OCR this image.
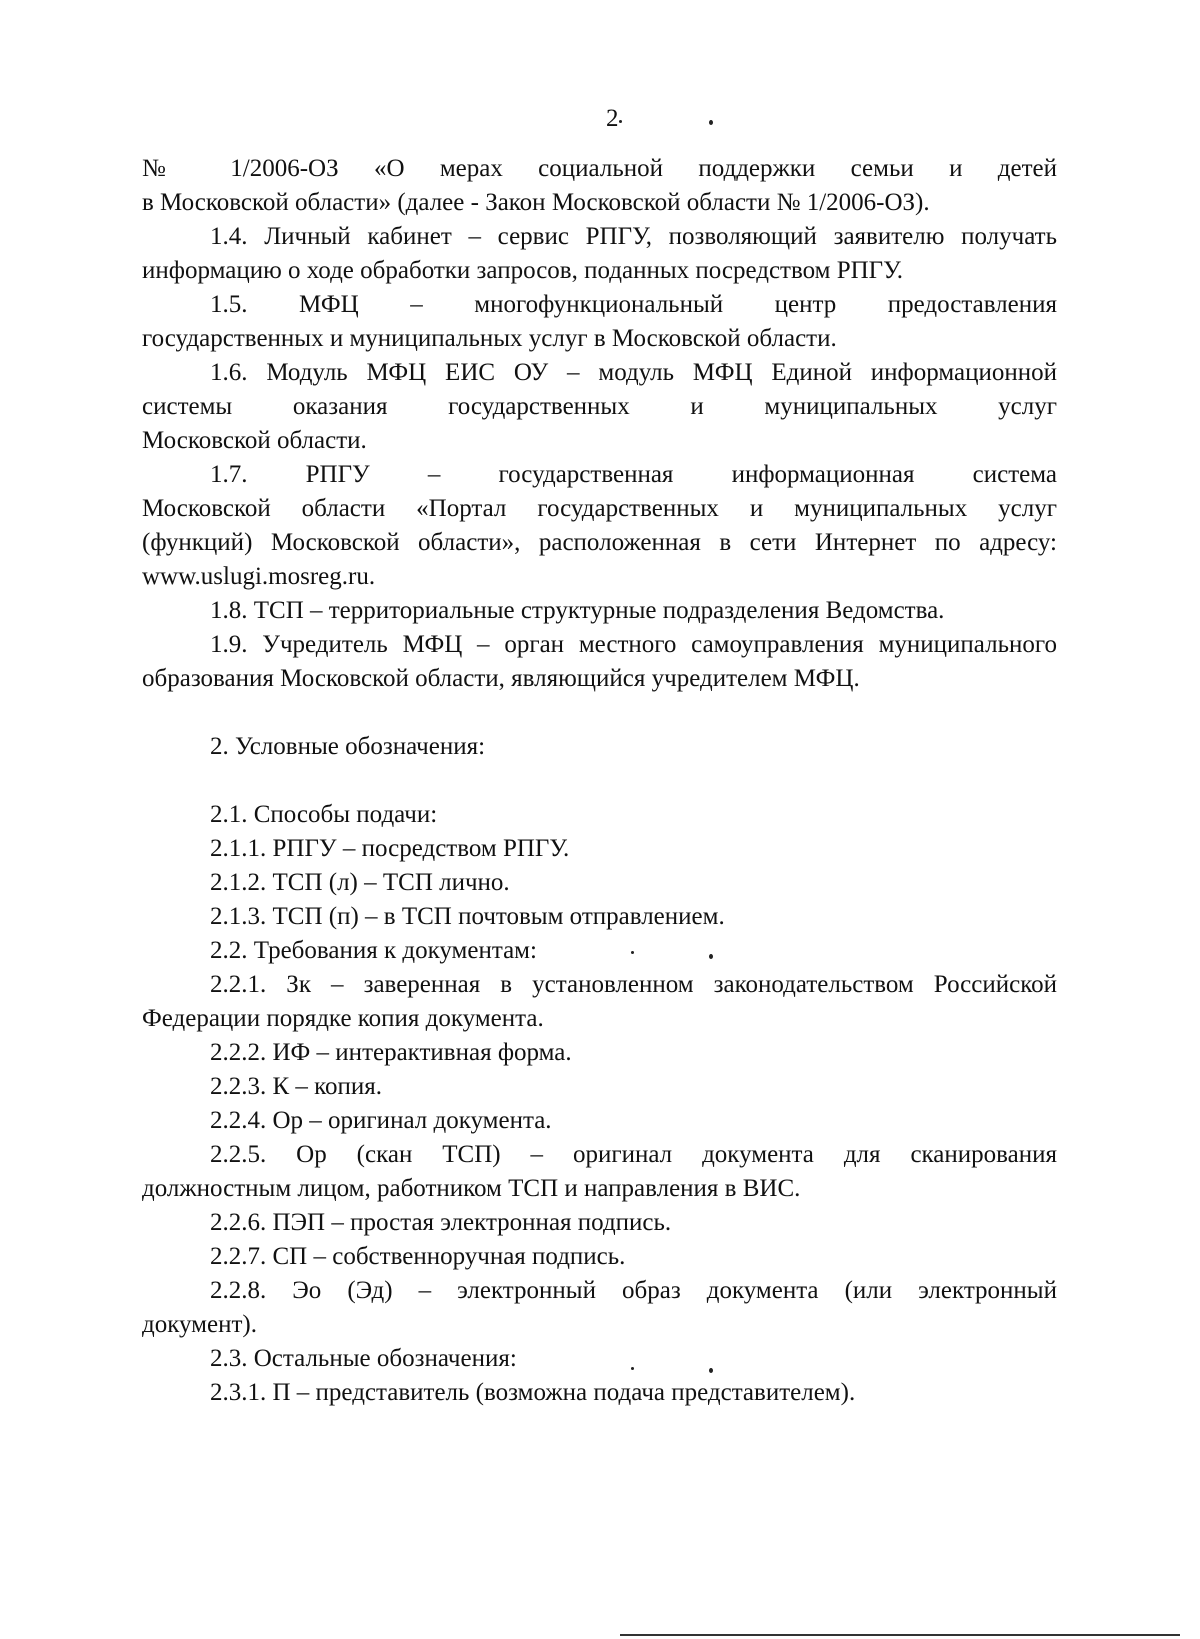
2

№ 1/2006-ОЗ «О мерах социальной поддержки семьи и детей

в Московской области» (далее - Закон Московской области № 1/2006-ОЗ).

1.4. Личный кабинет – сервис РПГУ, позволяющий заявителю получать

информацию о ходе обработки запросов, поданных посредством РПГУ.

1.5. МФЦ – многофункциональный центр предоставления

государственных и муниципальных услуг в Московской области.

1.6. Модуль МФЦ ЕИС ОУ – модуль МФЦ Единой информационной

системы оказания государственных и муниципальных услуг

Московской области.

1.7. РПГУ – государственная информационная система

Московской области «Портал государственных и муниципальных услуг

(функций) Московской области», расположенная в сети Интернет по адресу:

www.uslugi.mosreg.ru.

1.8. ТСП – территориальные структурные подразделения Ведомства.

1.9. Учредитель МФЦ – орган местного самоуправления муниципального

образования Московской области, являющийся учредителем МФЦ.

2. Условные обозначения:

2.1. Способы подачи:

2.1.1. РПГУ – посредством РПГУ.

2.1.2. ТСП (л) – ТСП лично.

2.1.3. ТСП (п) – в ТСП почтовым отправлением.

2.2. Требования к документам:

2.2.1. Зк – заверенная в установленном законодательством Российской

Федерации порядке копия документа.

2.2.2. ИФ – интерактивная форма.

2.2.3. К – копия.

2.2.4. Ор – оригинал документа.

2.2.5. Ор (скан ТСП) – оригинал документа для сканирования

должностным лицом, работником ТСП и направления в ВИС.

2.2.6. ПЭП – простая электронная подпись.

2.2.7. СП – собственноручная подпись.

2.2.8. Эо (Эд) – электронный образ документа (или электронный

документ).

2.3. Остальные обозначения:

2.3.1. П – представитель (возможна подача представителем).
